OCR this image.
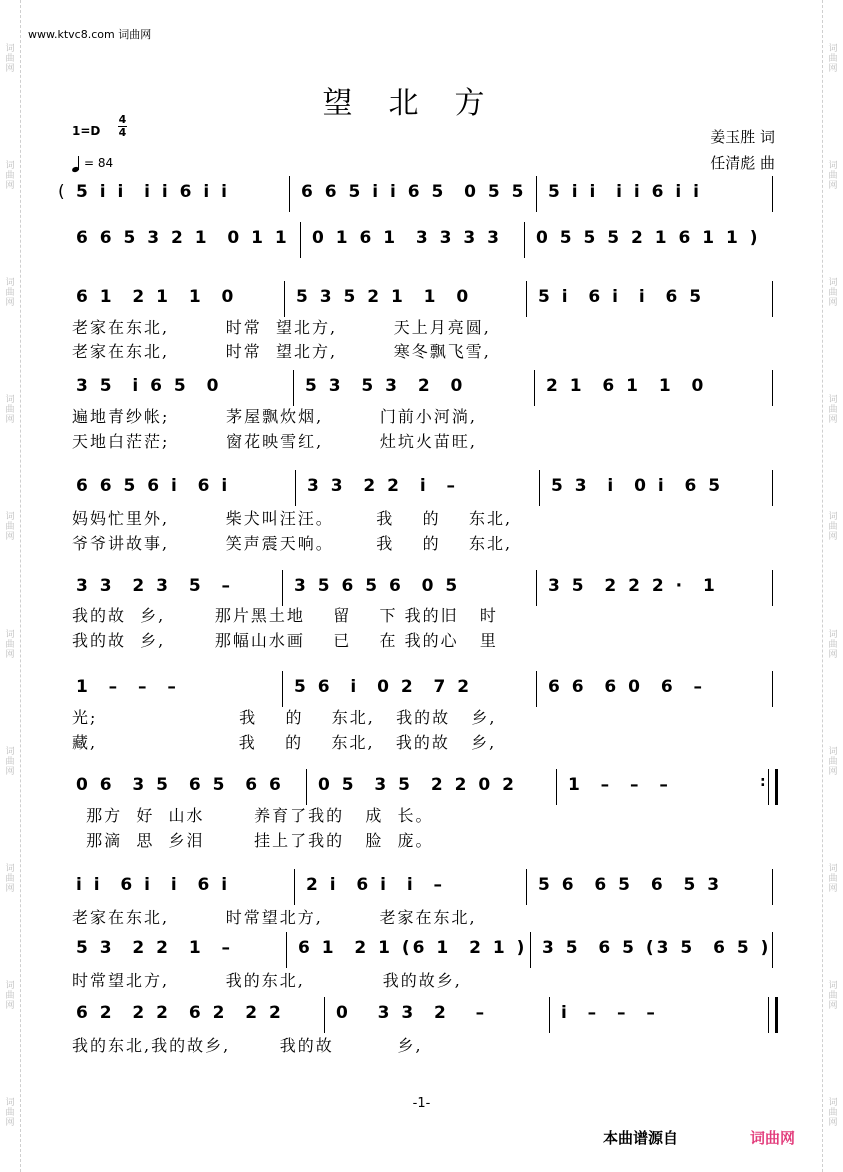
词
曲
网
词
曲
网
词
曲
网
词
曲
网
词
曲
网
词
曲
网
词
曲
网
词
曲
网
词
曲
网
词
曲
网
词
曲
网
词
曲
网
词
曲
网
词
曲
网
词
曲
网
词
曲
网
词
曲
网
词
曲
网
词
曲
网
词
曲
网
www.ktvc8.com 词曲网
望北方
1=D
4
4
= 84
姜玉胜 词
任清彪 曲
( 5 i i  i i 6 i i	6 6 5 i i 6 5  0 5 5 5 i i  i i 6 i i
6 6 5 3 2 1  0 1 1 0 1 6 1  3 3 3 3 0 5 5 5 2 1 6 1 1 )
6 1  2 1  1  0	5 3 5 2 1  1  0	5 i  6 i  i  6 5
老家在东北,        时常  望北方,        天上月亮圆,
老家在东北,        时常  望北方,        寒冬飘飞雪,
3 5  i 6 5  0	5 3  5 3  2  0	2 1  6 1  1  0
遍地青纱帐;        茅屋飘炊烟,        门前小河淌,
天地白茫茫;        窗花映雪红,        灶坑火苗旺,
6 6 5 6 i  6 i	3 3  2 2  i  –	5 3  i  0 i  6 5
妈妈忙里外,        柴犬叫汪汪。      我    的    东北,
爷爷讲故事,        笑声震天响。      我    的    东北,
3 3  2 3  5  –	3 5 6 5 6  0 5	3 5  2 2 2 ·  1
我的故  乡,       那片黑土地    留    下 我的旧   时
我的故  乡,       那幅山水画    已    在 我的心   里
1  –  –  –	5 6  i  0 2  7 2	6 6  6 0  6  –
光;                    我    的    东北,   我的故   乡,
藏,                    我    的    东北,   我的故   乡,
0 6  3 5  6 5  6 6 0 5  3 5  2 2 0 2	1  –  –  –	:
那方  好  山水       养育了我的   成  长。
那滴  思  乡泪       挂上了我的   脸  庞。
i i  6 i  i  6 i	2 i  6 i  i  –	5 6  6 5  6  5 3
老家在东北,        时常望北方,        老家在东北,
5 3  2 2  1  –	6 1  2 1 (6 1  2 1 ) 3 5  6 5 (3 5  6 5 )
时常望北方,        我的东北,           我的故乡,
6 2  2 2  6 2  2 2	0   3 3  2   –	i  –  –  –
我的东北,我的故乡,       我的故         乡,
-1-
本曲谱源自	词曲网
